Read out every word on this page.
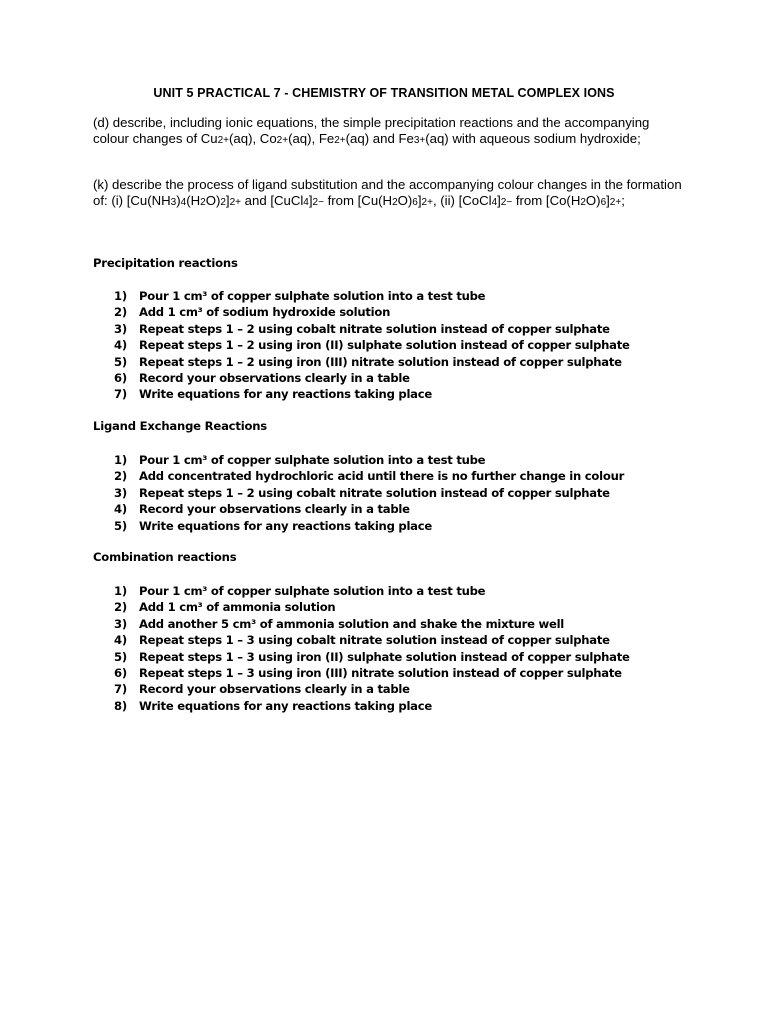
UNIT 5 PRACTICAL 7 - CHEMISTRY OF TRANSITION METAL COMPLEX IONS
(d) describe, including ionic equations, the simple precipitation reactions and the accompanying colour changes of Cu2+(aq), Co2+(aq), Fe2+(aq) and Fe3+(aq) with aqueous sodium hydroxide;
(k) describe the process of ligand substitution and the accompanying colour changes in the formation of: (i) [Cu(NH3)4(H2O)2]2+ and [CuCl4]2− from [Cu(H2O)6]2+, (ii) [CoCl4]2− from [Co(H2O)6]2+;
Precipitation reactions
1)	Pour 1 cm³ of copper sulphate solution into a test tube
2)	Add 1 cm³ of sodium hydroxide solution
3)	Repeat steps 1 – 2 using cobalt nitrate solution instead of copper sulphate
4)	Repeat steps 1 – 2 using iron (II) sulphate solution instead of copper sulphate
5)	Repeat steps 1 – 2 using iron (III) nitrate solution instead of copper sulphate
6)	Record your observations clearly in a table
7)	Write equations for any reactions taking place
Ligand Exchange Reactions
1)	Pour 1 cm³ of copper sulphate solution into a test tube
2)	Add concentrated hydrochloric acid until there is no further change in colour
3)	Repeat steps 1 – 2 using cobalt nitrate solution instead of copper sulphate
4)	Record your observations clearly in a table
5)	Write equations for any reactions taking place
Combination reactions
1)	Pour 1 cm³ of copper sulphate solution into a test tube
2)	Add 1 cm³ of ammonia solution
3)	Add another 5 cm³ of ammonia solution and shake the mixture well
4)	Repeat steps 1 – 3 using cobalt nitrate solution instead of copper sulphate
5)	Repeat steps 1 – 3 using iron (II) sulphate solution instead of copper sulphate
6)	Repeat steps 1 – 3 using iron (III) nitrate solution instead of copper sulphate
7)	Record your observations clearly in a table
8)	Write equations for any reactions taking place
